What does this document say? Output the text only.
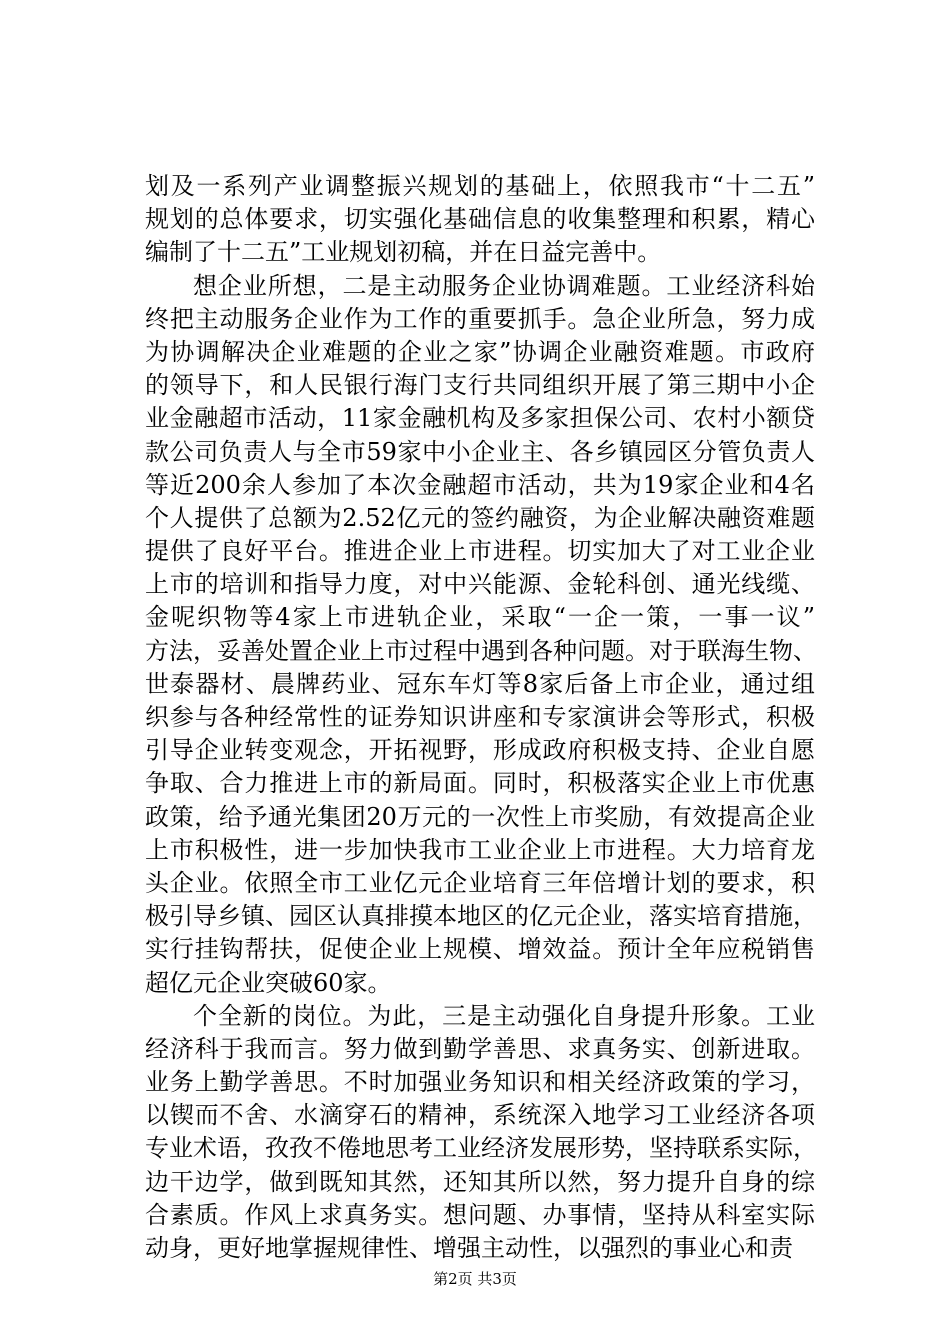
划及一系列产业调整振兴规划的基础上，依照我市“十二五”
规划的总体要求，切实强化基础信息的收集整理和积累，精心
编制了十二五”工业规划初稿，并在日益完善中。
想企业所想，二是主动服务企业协调难题。工业经济科始
终把主动服务企业作为工作的重要抓手。急企业所急，努力成
为协调解决企业难题的企业之家”协调企业融资难题。市政府
的领导下，和人民银行海门支行共同组织开展了第三期中小企
业金融超市活动，11家金融机构及多家担保公司、农村小额贷
款公司负责人与全市59家中小企业主、各乡镇园区分管负责人
等近200余人参加了本次金融超市活动，共为19家企业和4名
个人提供了总额为2.52亿元的签约融资，为企业解决融资难题
提供了良好平台。推进企业上市进程。切实加大了对工业企业
上市的培训和指导力度，对中兴能源、金轮科创、通光线缆、
金呢织物等4家上市进轨企业，采取“一企一策，一事一议”
方法，妥善处置企业上市过程中遇到各种问题。对于联海生物、
世泰器材、晨牌药业、冠东车灯等8家后备上市企业，通过组
织参与各种经常性的证券知识讲座和专家演讲会等形式，积极
引导企业转变观念，开拓视野，形成政府积极支持、企业自愿
争取、合力推进上市的新局面。同时，积极落实企业上市优惠
政策，给予通光集团20万元的一次性上市奖励，有效提高企业
上市积极性，进一步加快我市工业企业上市进程。大力培育龙
头企业。依照全市工业亿元企业培育三年倍增计划的要求，积
极引导乡镇、园区认真排摸本地区的亿元企业，落实培育措施，
实行挂钩帮扶，促使企业上规模、增效益。预计全年应税销售
超亿元企业突破60家。
个全新的岗位。为此，三是主动强化自身提升形象。工业
经济科于我而言。努力做到勤学善思、求真务实、创新进取。
业务上勤学善思。不时加强业务知识和相关经济政策的学习，
以锲而不舍、水滴穿石的精神，系统深入地学习工业经济各项
专业术语，孜孜不倦地思考工业经济发展形势，坚持联系实际，
边干边学，做到既知其然，还知其所以然，努力提升自身的综
合素质。作风上求真务实。想问题、办事情，坚持从科室实际
动身，更好地掌握规律性、增强主动性，以强烈的事业心和责
第2页 共3页
